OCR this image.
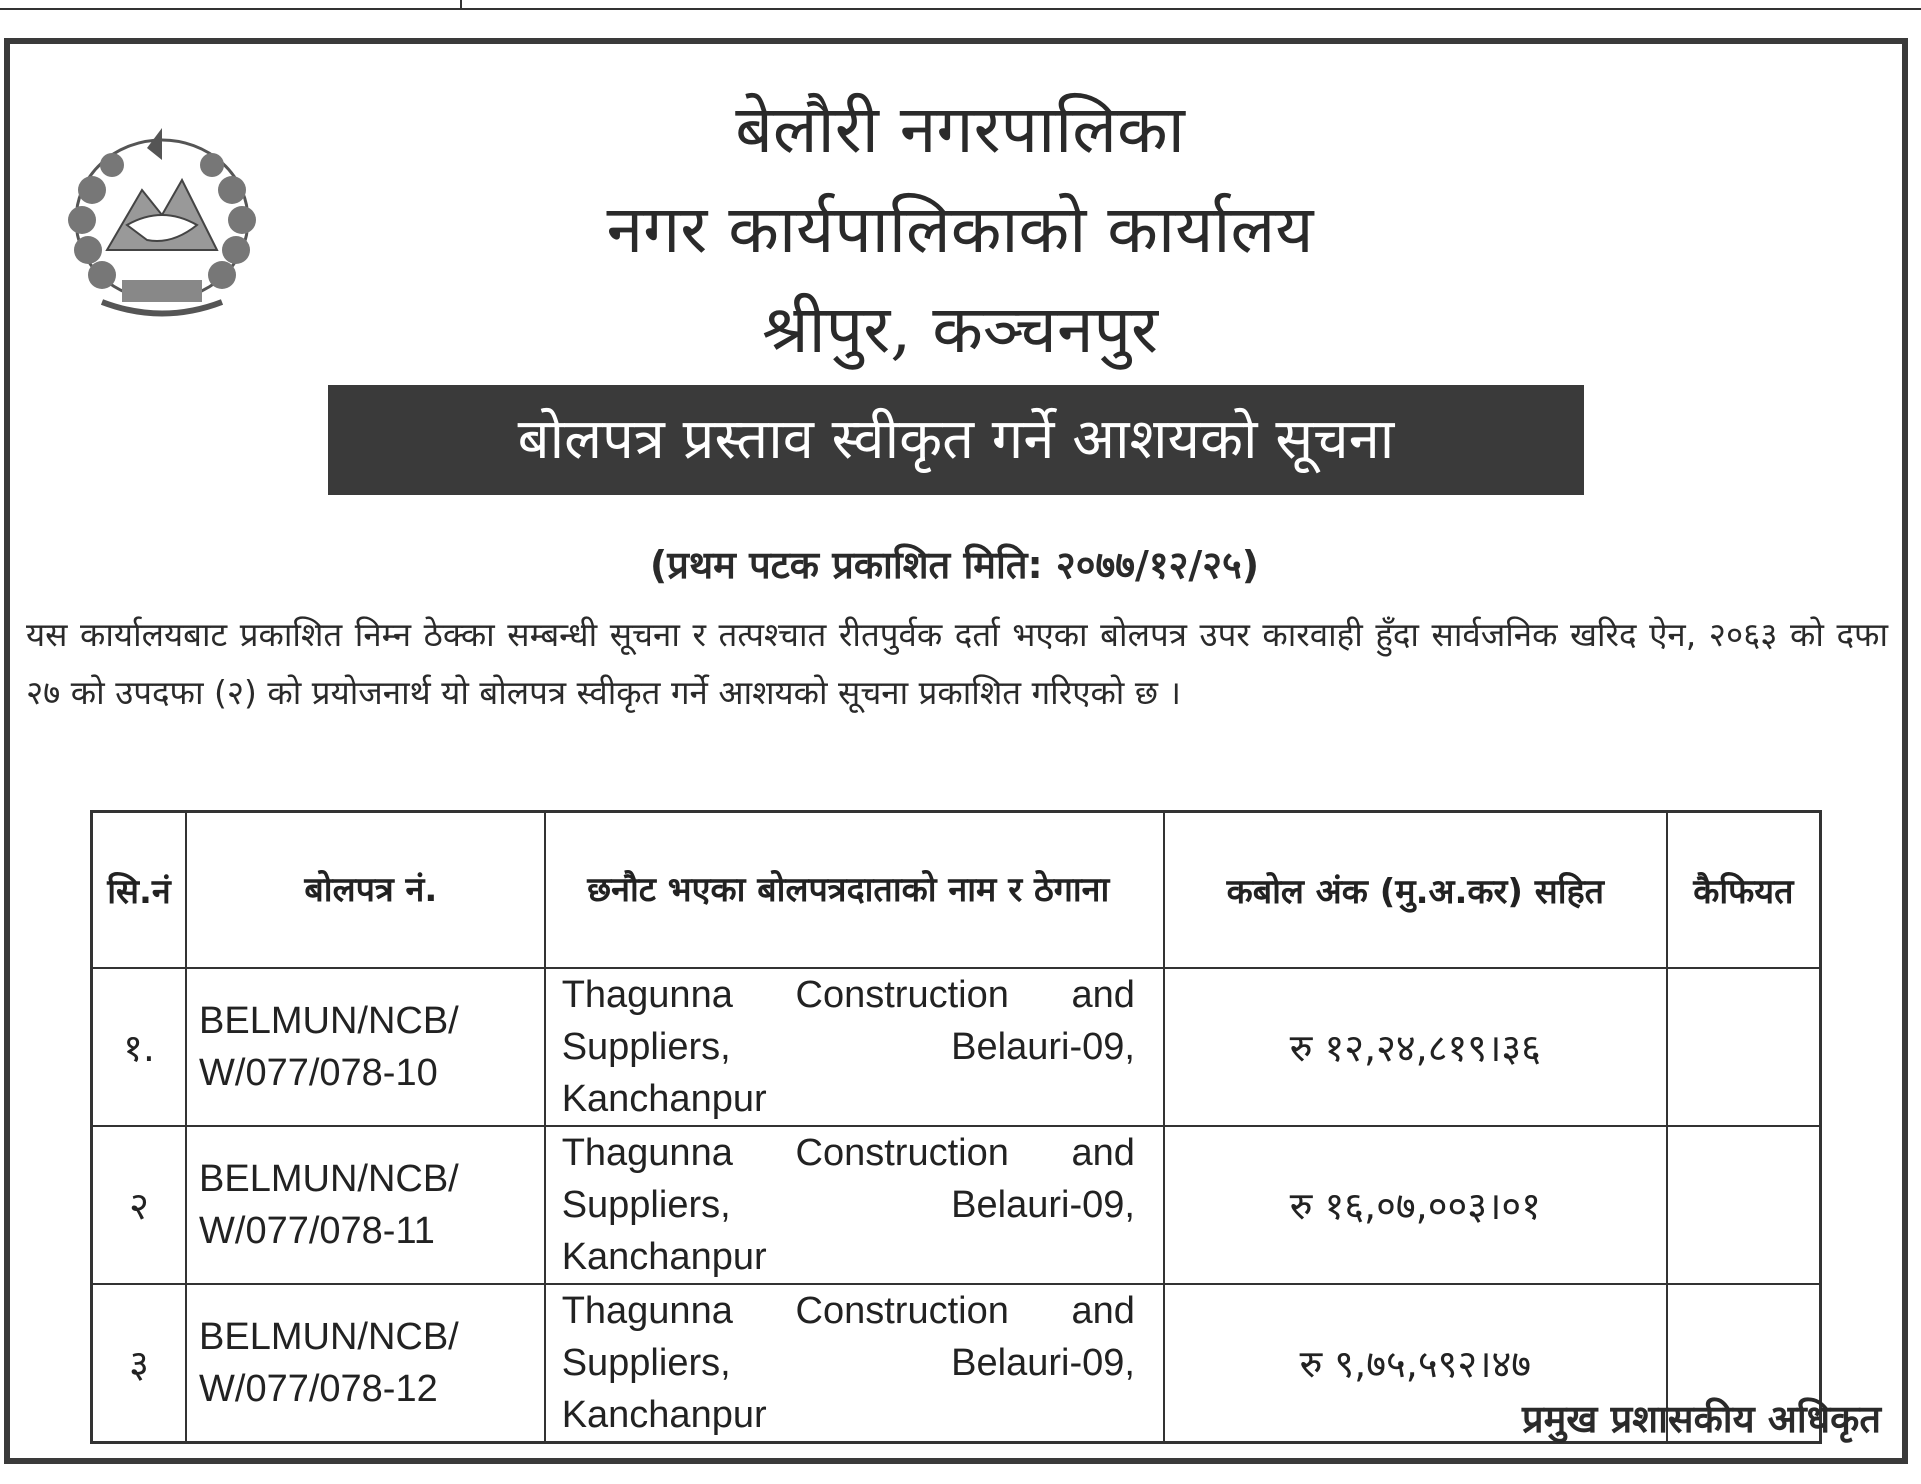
बेलौरी नगरपालिका
नगर कार्यपालिकाको कार्यालय
श्रीपुर, कञ्चनपुर
बोलपत्र प्रस्ताव स्वीकृत गर्ने आशयको सूचना
(प्रथम पटक प्रकाशित मिति: २०७७/१२/२५)
यस कार्यालयबाट प्रकाशित निम्न ठेक्का सम्बन्धी सूचना र तत्पश्चात रीतपुर्वक दर्ता भएका बोलपत्र उपर कारवाही हुँदा सार्वजनिक खरिद ऐन, २०६३ को दफा २७ को उपदफा (२) को प्रयोजनार्थ यो बोलपत्र स्वीकृत गर्ने आशयको सूचना प्रकाशित गरिएको छ ।
सि.नं	बोलपत्र नं.	छनौट भएका बोलपत्रदाताको नाम र ठेगाना	कबोल अंक (मु.अ.कर) सहित	कैफियत
१.	BELMUN/NCB/ W/077/078-10	Thagunna Construction and Suppliers, Belauri-09, Kanchanpur	रु १२,२४,८१९।३६	
२	BELMUN/NCB/ W/077/078-11	Thagunna Construction and Suppliers, Belauri-09, Kanchanpur	रु १६,०७,००३।०१	
३	BELMUN/NCB/ W/077/078-12	Thagunna Construction and Suppliers, Belauri-09, Kanchanpur	रु ९,७५,५९२।४७	
प्रमुख प्रशासकीय अधिकृत
